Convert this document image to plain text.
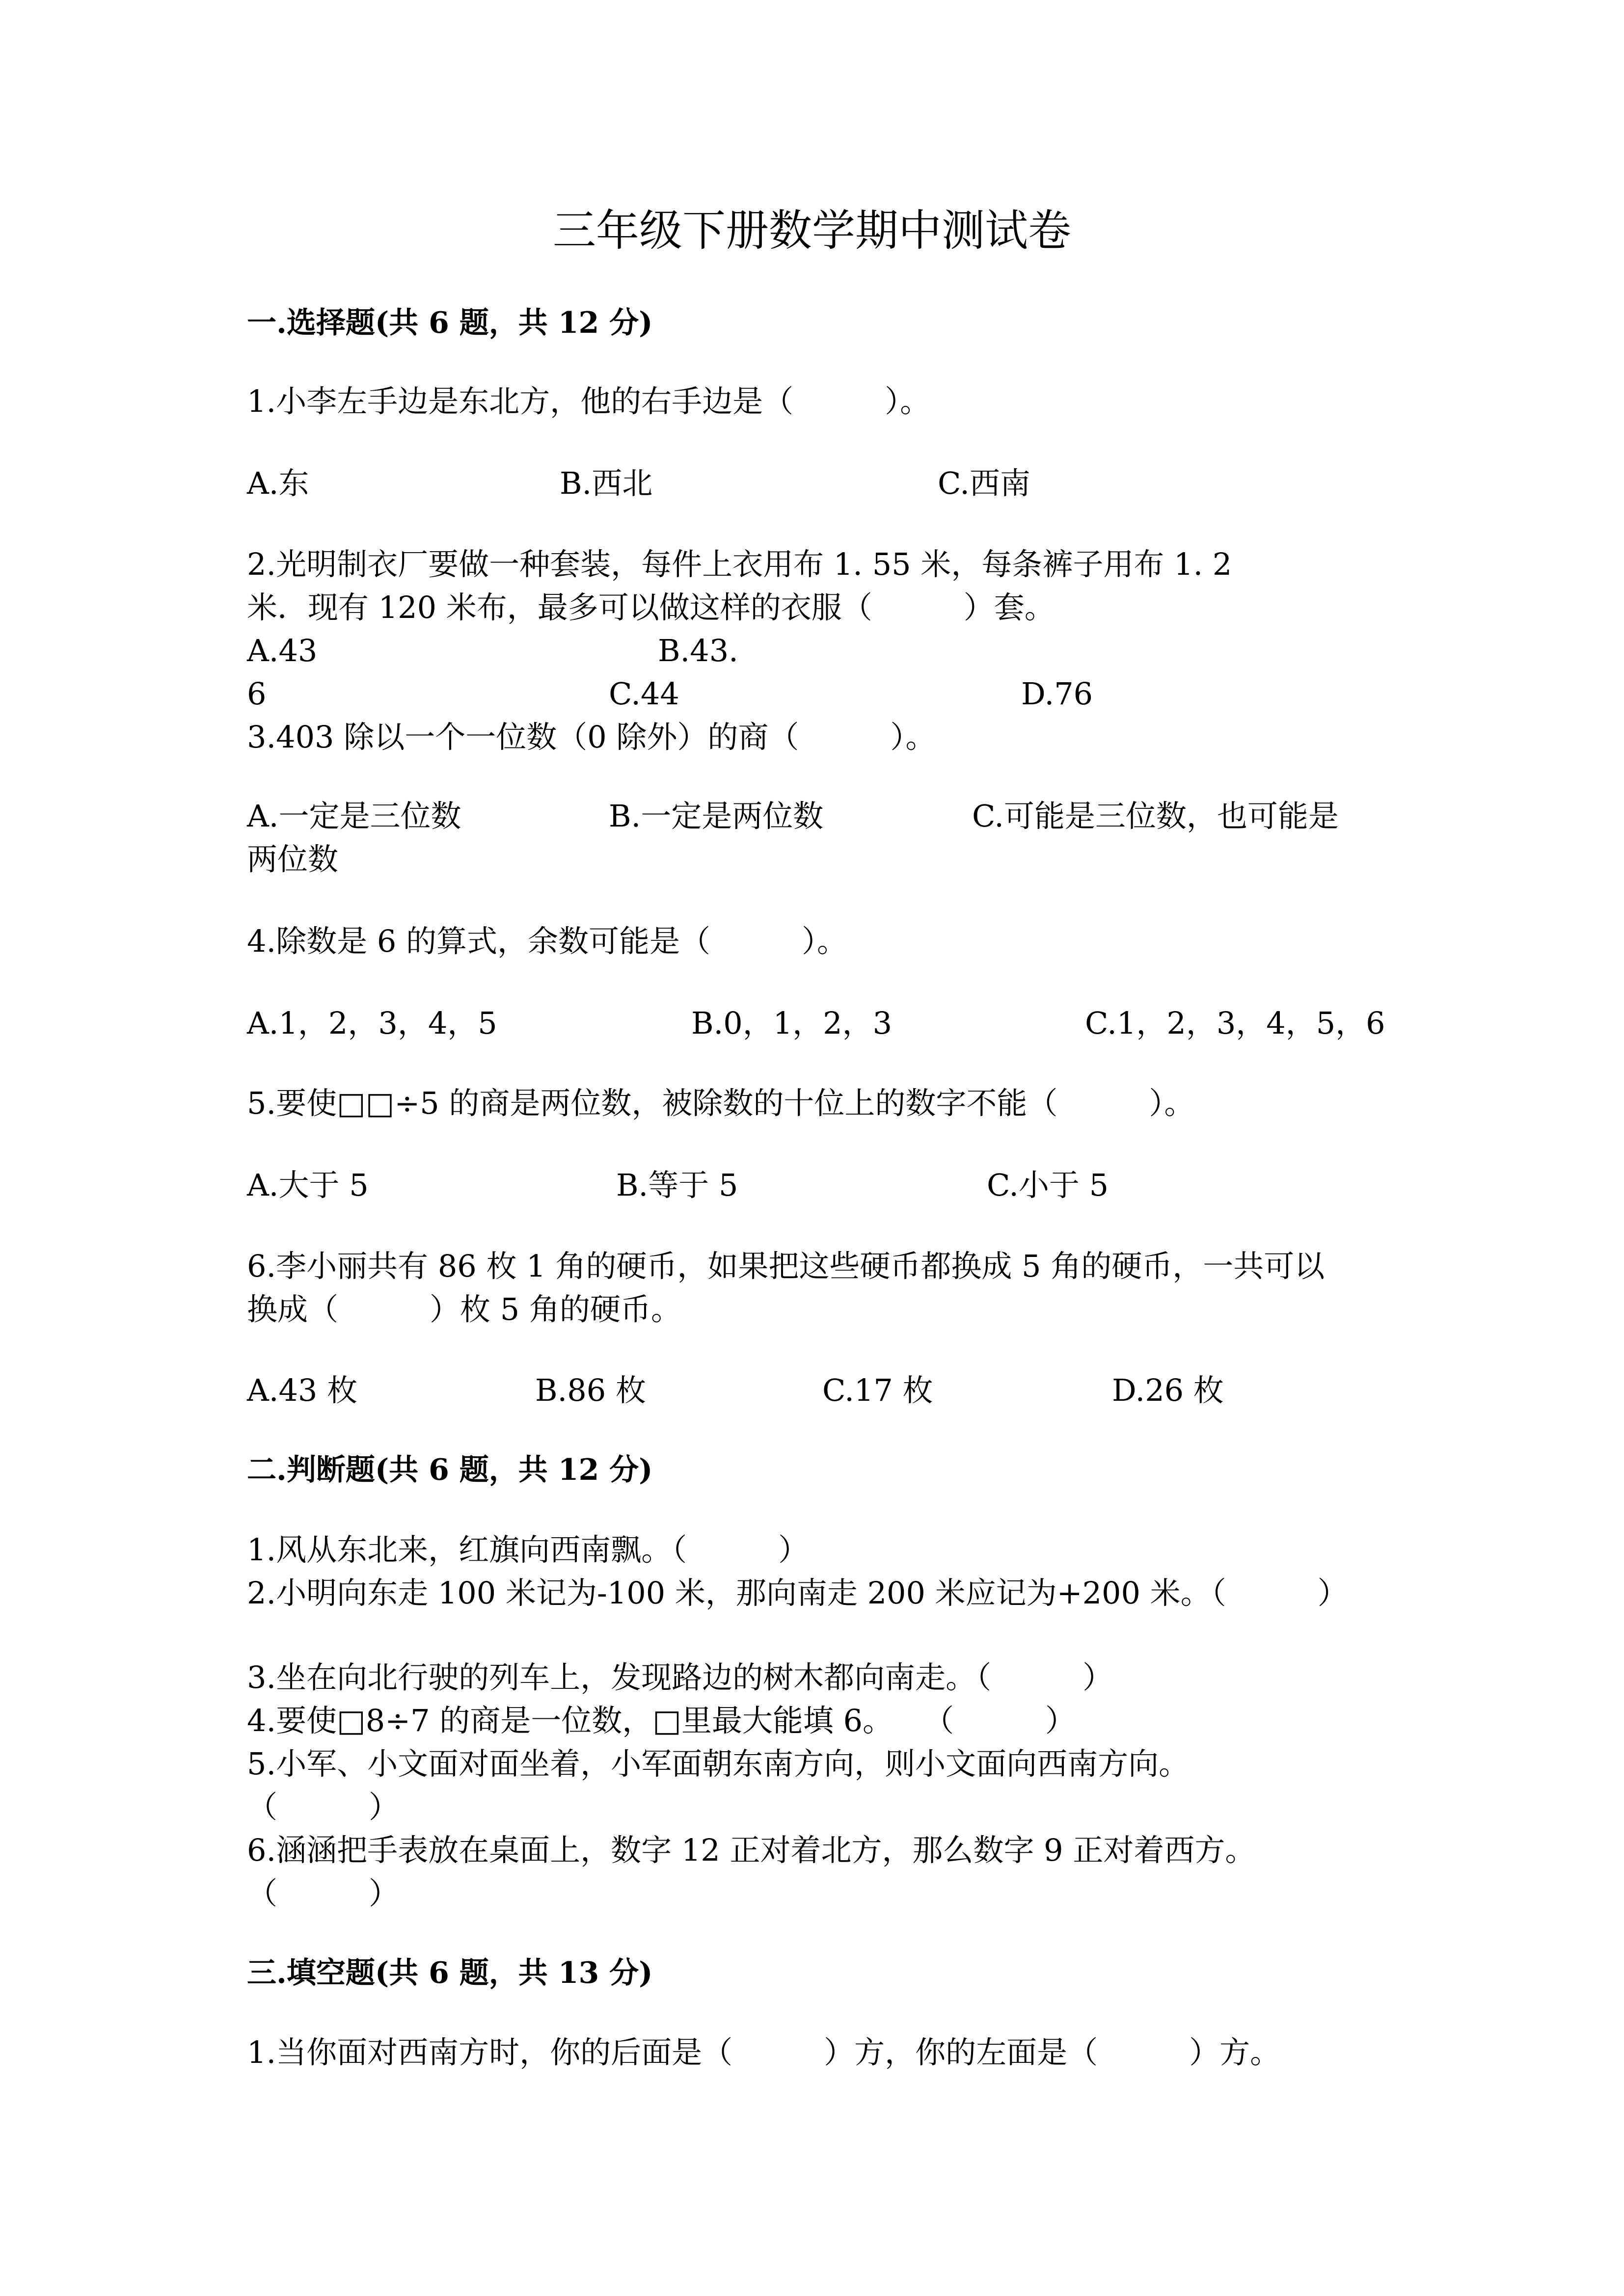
三年级下册数学期中测试卷
一.选择题(共 6 题，共 12 分)
1.小李左手边是东北方，他的右手边是（　　　）。
A.东	B.西北	C.西南
2.光明制衣厂要做一种套装，每件上衣用布 1. 55 米，每条裤子用布 1. 2
米．现有 120 米布，最多可以做这样的衣服（　　　）套。
A.43	B.43.
6	C.44	D.76
3.403 除以一个一位数（0 除外）的商（　　　）。
A.一定是三位数	B.一定是两位数	C.可能是三位数，也可能是
两位数
4.除数是 6 的算式，余数可能是（　　　）。
A.1，2，3，4，5	B.0，1，2，3	C.1，2，3，4，5，6
5.要使□□÷5 的商是两位数，被除数的十位上的数字不能（　　　）。
A.大于 5	B.等于 5	C.小于 5
6.李小丽共有 86 枚 1 角的硬币，如果把这些硬币都换成 5 角的硬币，一共可以
换成（　　　）枚 5 角的硬币。
A.43 枚	B.86 枚	C.17 枚	D.26 枚
二.判断题(共 6 题，共 12 分)
1.风从东北来，红旗向西南飘。（　　　）
2.小明向东走 100 米记为-100 米，那向南走 200 米应记为+200 米。（　　　）
3.坐在向北行驶的列车上，发现路边的树木都向南走。（　　　）
4.要使□8÷7 的商是一位数，□里最大能填 6。　　（　　　）
5.小军、小文面对面坐着，小军面朝东南方向，则小文面向西南方向。
（　　　）
6.涵涵把手表放在桌面上，数字 12 正对着北方，那么数字 9 正对着西方。
（　　　）
三.填空题(共 6 题，共 13 分)
1.当你面对西南方时，你的后面是（　　　）方，你的左面是（　　　）方。
